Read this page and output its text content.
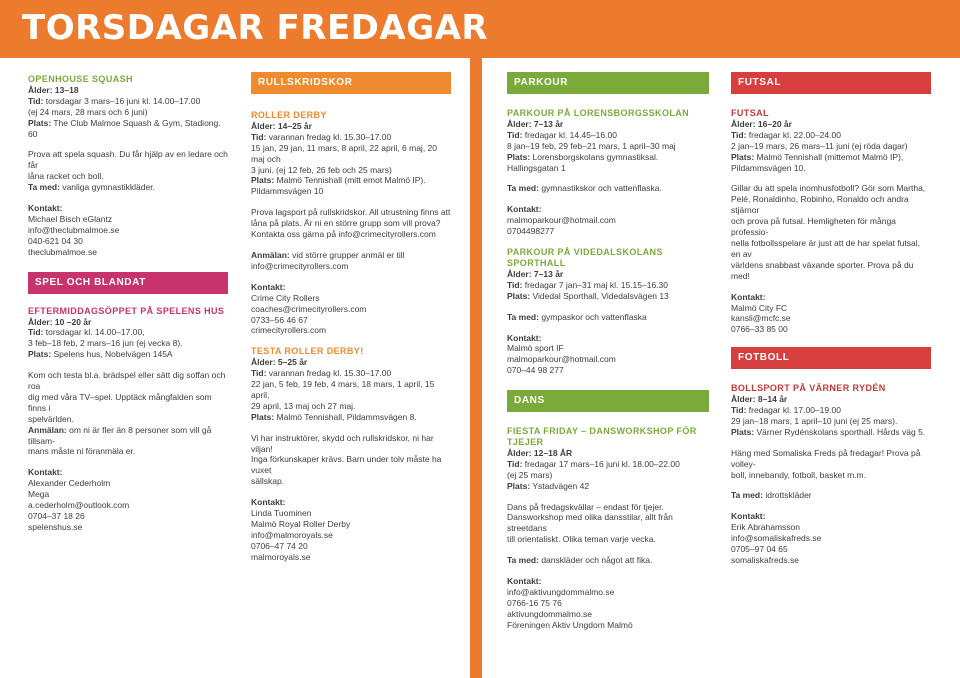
TORSDAGAR FREDAGAR

OPENHOUSE SQUASH

Ålder: 13–18

Tid: torsdagar 3 mars–16 juni kl. 14.00–17.00

(ej 24 mars, 28 mars och 6 juni)

Plats: The Club Malmoe Squash & Gym, Stadiong. 60

Prova att spela squash. Du får hjälp av en ledare och får

låna racket och boll.

Ta med: vanliga gymnastikkläder.

Kontakt:

Michael Bisch eGlantz

info@theclubmalmoe.se

040-621 04 30

theclubmalmoe.se

SPEL OCH BLANDAT

EFTERMIDDAGSÖPPET PÅ SPELENS HUS

Ålder: 10 –20 år

Tid: torsdagar kl. 14.00–17.00,

3 feb–18 feb, 2 mars–16 jun (ej vecka 8).

Plats: Spelens hus, Nobelvägen 145A

Kom och testa bl.a. brädspel eller sätt dig soffan och roa

dig med våra TV–spel. Upptäck mångfalden som finns i

spelvärlden.

Anmälan: om ni är fler än 8 personer som vill gå tillsam-

mans måste ni föranmäla er.

Kontakt:

Alexander Cederholm

Mega

a.cederholm@outlook.com

0704–37 18 26

spelenshus.se

RULLSKRIDSKOR

ROLLER DERBY

Ålder: 14–25 år

Tid: varannan fredag kl. 15.30–17.00

15 jan, 29 jan, 11 mars, 8 april, 22 april, 6 maj, 20 maj och

3 juni. (ej 12 feb, 26 feb och 25 mars)

Plats: Malmö Tennishall (mitt emot Malmö IP).

Pildammsvägen 10

Prova lagsport på rullskridskor. All utrustning finns att

låna på plats. Är ni en större grupp som vill prova?

Kontakta oss gärna på info@crimecityrollers.com

Anmälan: vid större grupper anmäl er till

info@crimecityrollers.com

Kontakt:

Crime City Rollers

coaches@crimecityrollers.com

0733–56 46 67

crimecityrollers.com

TESTA ROLLER DERBY!

Ålder: 5–25 år

Tid: varannan fredag kl. 15.30–17.00

22 jan, 5 feb, 19 feb, 4 mars, 18 mars, 1 april, 15 april,

29 april, 13 maj och 27 maj.

Plats: Malmö Tennishall, Pildammsvägen 8.

Vi har instruktörer, skydd och rullskridskor, ni har viljan!

Inga förkunskaper krävs. Barn under tolv måste ha vuxet

sällskap.

Kontakt:

Linda Tuominen

Malmö Royal Roller Derby

info@malmoroyals.se

0706–47 74 20

malmoroyals.se

PARKOUR

PARKOUR PÅ LORENSBORGSSKOLAN

Ålder: 7–13 år

Tid: fredagar kl. 14.45–16.00

8 jan–19 feb, 29 feb–21 mars, 1 april–30 maj

Plats: Lorensborgskolans gymnastiksal. Hallingsgatan 1

Ta med: gymnastikskor och vattenflaska.

Kontakt:

malmoparkour@hotmail.com

0704498277

PARKOUR PÅ VIDEDALSKOLANS SPORTHALL

Ålder: 7–13 år

Tid: fredagar 7 jan–31 maj kl. 15.15–16.30

Plats: Videdal Sporthall, Videdalsvägen 13

Ta med: gympaskor och vattenflaska

Kontakt:

Malmö sport IF

malmoparkour@hotmail.com

070–44 98 277

DANS

FIESTA FRIDAY – DANSWORKSHOP FÖR TJEJER

Ålder: 12–18 ÅR

Tid: fredagar 17 mars–16 juni kl. 18.00–22.00

(ej 25 mars)

Plats: Ystadvägen 42

Dans på fredagskvällar – endast för tjejer.

Dansworkshop med olika dansstilar, allt från streetdans

till orientaliskt. Olika teman varje vecka.

Ta med: danskläder och något att fika.

Kontakt:

info@aktivungdommalmo.se

0766-16 75 76

aktivungdommalmo.se

Föreningen Aktiv Ungdom Malmö

FUTSAL

FUTSAL

Ålder: 16–20 år

Tid: fredagar kl. 22.00–24.00

2 jan–19 mars, 26 mars–11 juni (ej röda dagar)

Plats: Malmö Tennishall (mittemot Malmö IP),

Pildammsvägen 10.

Gillar du att spela inomhusfotboll? Gör som Martha,

Pelé, Ronaldinho, Robinho, Ronaldo och andra stjärnor

och prova på futsal. Hemligheten för många professio-

nella fotbollsspelare är just att de har spelat futsal, en av

världens snabbast växande sporter. Prova på du med!

Kontakt:

Malmö City FC

kansli@mcfc.se

0766–33 85 00

FOTBOLL

BOLLSPORT PÅ VÄRNER RYDÉN

Ålder: 8–14 år

Tid: fredagar kl. 17.00–19.00

29 jan–18 mars, 1 april–10 juni (ej 25 mars).

Plats: Värner Rydénskolans sporthall. Hårds väg 5.

Häng med Somaliska Freds på fredagar! Prova på volley-

boll, innebandy, fotboll, basket m.m.

Ta med: idrottskläder

Kontakt:

Erik Abrahamsson

info@somaliskafreds.se

0705–97 04 65

somaliskafreds.se
